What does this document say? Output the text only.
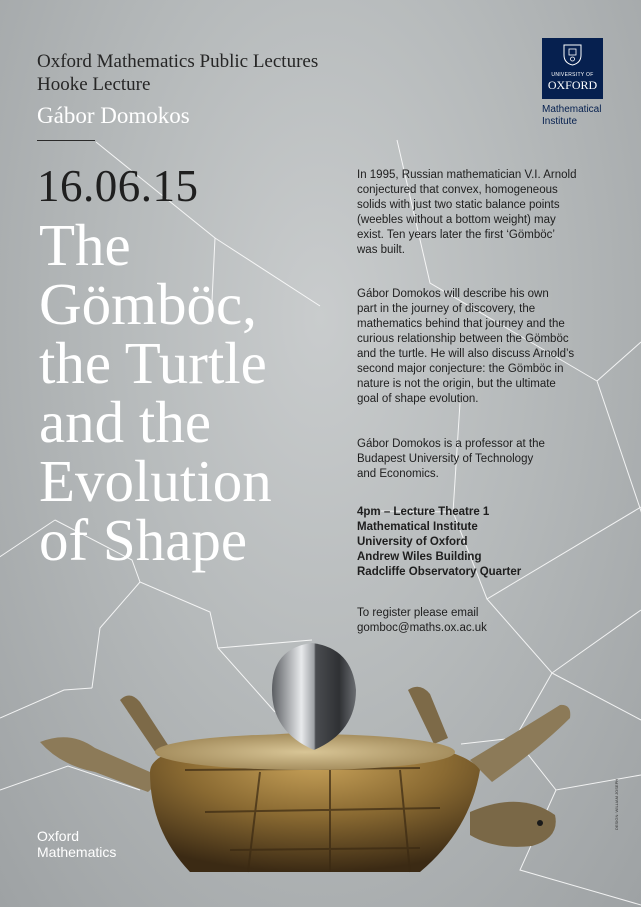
Oxford Mathematics Public Lectures
Hooke Lecture
Gábor Domokos
16.06.15
The
Gömböc,
the Turtle
and the
Evolution
of Shape
UNIVERSITY OF
OXFORD
Mathematical
Institute
In 1995, Russian mathematician V.I. Arnold
conjectured that convex, homogeneous
solids with just two static balance points
(weebles without a bottom weight) may
exist. Ten years later the first ‘Gömböc’
was built.
Gábor Domokos will describe his own
part in the journey of discovery, the
mathematics behind that journey and the
curious relationship between the Gömböc
and the turtle. He will also discuss Arnold’s
second major conjecture: the Gömböc in
nature is not the origin, but the ultimate
goal of shape evolution.
Gábor Domokos is a professor at the
Budapest University of Technology
and Economics.
4pm – Lecture Theatre 1
Mathematical Institute
University of Oxford
Andrew Wiles Building
Radcliffe Observatory Quarter
To register please email
gomboc@maths.ox.ac.uk
Oxford
Mathematics
DESIGN: WILLIAM JOSEPH
